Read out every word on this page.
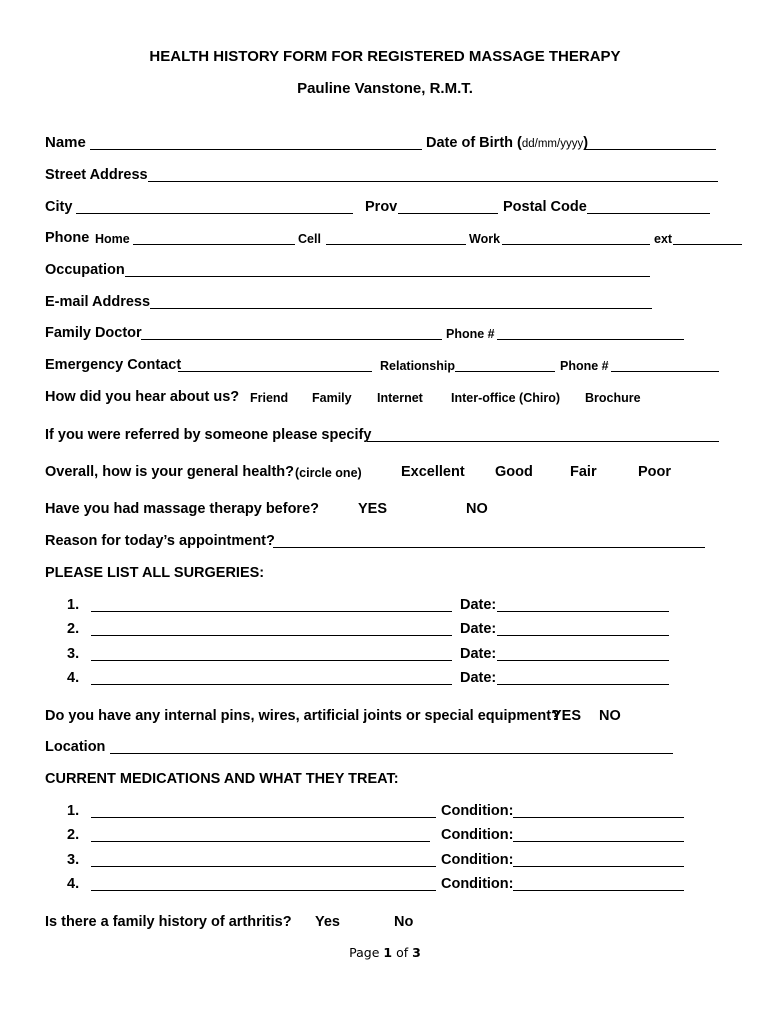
HEALTH HISTORY FORM FOR REGISTERED MASSAGE THERAPY
Pauline Vanstone, R.M.T.
Name	Date of Birth (dd/mm/yyyy)
Street Address
City	Prov	Postal Code
Phone Home	Cell	Work	ext
Occupation
E-mail Address
Family Doctor	Phone #
Emergency Contact	Relationship	Phone #
How did you hear about us? Friend Family Internet Inter-office (Chiro) Brochure
If you were referred by someone please specify
Overall, how is your general health? (circle one)	Excellent Good	Fair	Poor
Have you had massage therapy before?	YES	NO
Reason for today’s appointment?
PLEASE LIST ALL SURGERIES:
1.	Date:
2.	Date:
3.	Date:
4.	Date:
Do you have any internal pins, wires, artificial joints or special equipment?
YES NO
Location
CURRENT MEDICATIONS AND WHAT THEY TREAT:
1.	Condition:
2.	Condition:
3.	Condition:
4.	Condition:
Is there a family history of arthritis? Yes	No
Page 1 of 3
